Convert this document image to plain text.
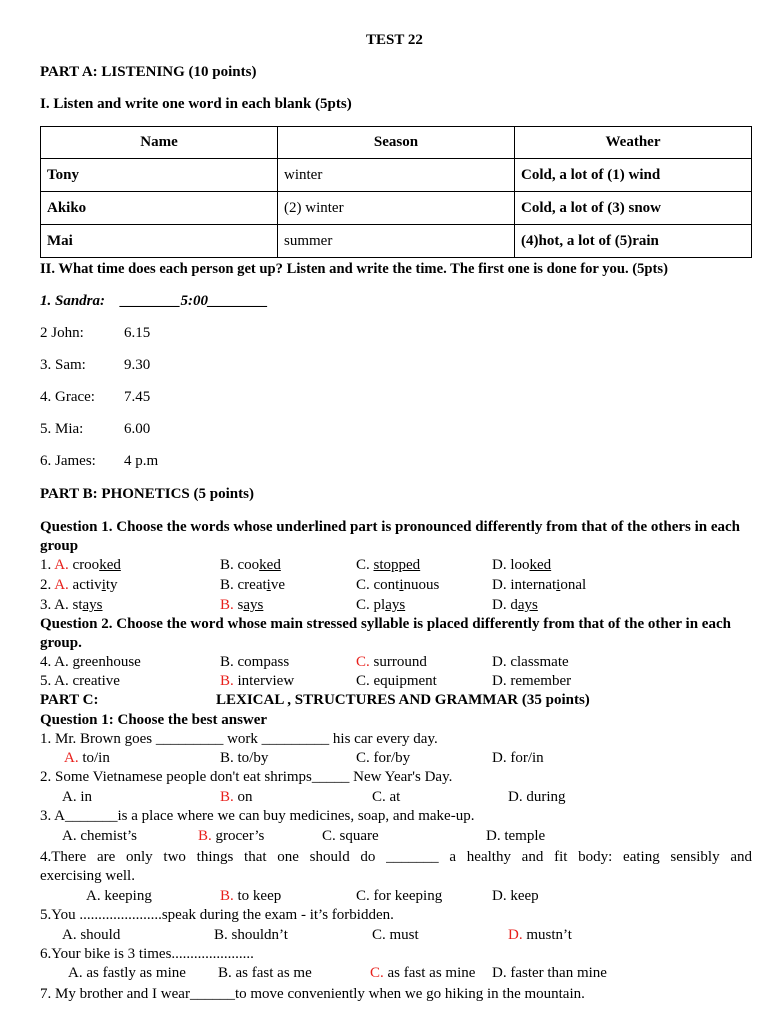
TEST 22
PART A: LISTENING (10 points)
I. Listen and write one word in each blank (5pts)
Name	Season	Weather
Tony	winter	Cold, a lot of (1) wind
Akiko	(2) winter	Cold, a lot of (3) snow
Mai	summer	(4)hot, a lot of (5)rain
II. What time does each person get up? Listen and write the time. The first one is done for you. (5pts)
1. Sandra: ________5:00________
2 John:	6.15
3. Sam:	9.30
4. Grace: 7.45
5. Mia:	6.00
6. James: 4 p.m
PART B: PHONETICS (5 points)
Question 1. Choose the words whose underlined part is pronounced differently from that of the others in each group
1. A. crooked	B. cooked	C. stopped	D. looked
2. A. activity	B. creative	C. continuous	D. international
3. A. stays	B. says	C. plays	D. days
Question 2. Choose the word whose main stressed syllable is placed differently from that of the other in each group.
4. A. greenhouse	B. compass	C. surround	D. classmate
5. A. creative	B. interview	C. equipment	D. remember
PART C:	LEXICAL , STRUCTURES AND GRAMMAR (35 points)
Question 1: Choose the best answer
1. Mr. Brown goes _________ work _________ his car every day.
A. to/in	B. to/by	C. for/by	D. for/in
2. Some Vietnamese people don't eat shrimps_____ New Year's Day.
A. in	B. on	C. at	D. during
3. A_______is a place where we can buy medicines, soap, and make-up.
A. chemist’s	B. grocer’s	C. square	D. temple
4.There are only two things that one should do _______ a healthy and fit body: eating sensibly and
exercising well.
A. keeping	B. to keep	C. for keeping	D. keep
5.You ......................speak during the exam - it’s forbidden.
A. should	B. shouldn’t	C. must	D. mustn’t
6.Your bike is 3 times......................
A. as fastly as mine B. as fast as me	C. as fast as mine D. faster than mine
7. My brother and I wear______to move conveniently when we go hiking in the mountain.
